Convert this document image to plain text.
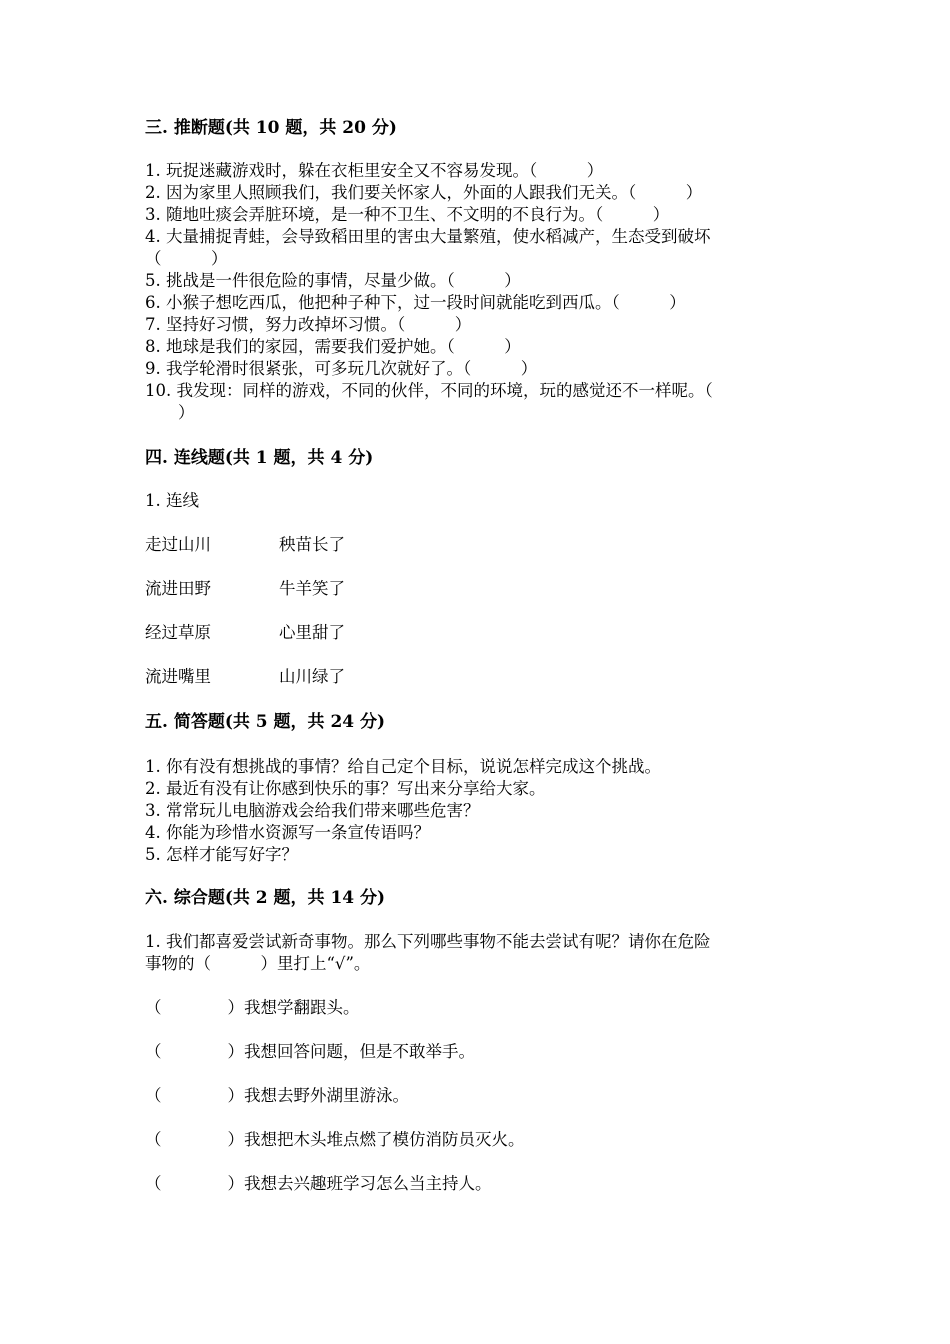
三. 推断题(共 10 题，共 20 分)
1. 玩捉迷藏游戏时，躲在衣柜里安全又不容易发现。（　　　）
2. 因为家里人照顾我们，我们要关怀家人，外面的人跟我们无关。（　　　）
3. 随地吐痰会弄脏环境，是一种不卫生、不文明的不良行为。（　　　）
4. 大量捕捉青蛙，会导致稻田里的害虫大量繁殖，使水稻减产，生态受到破坏
（　　　）
5. 挑战是一件很危险的事情，尽量少做。（　　　）
6. 小猴子想吃西瓜，他把种子种下，过一段时间就能吃到西瓜。（　　　）
7. 坚持好习惯，努力改掉坏习惯。（　　　）
8. 地球是我们的家园，需要我们爱护她。（　　　）
9. 我学轮滑时很紧张，可多玩几次就好了。（　　　）
10. 我发现：同样的游戏，不同的伙伴，不同的环境，玩的感觉还不一样呢。（
　　）
四. 连线题(共 1 题，共 4 分)
1. 连线
走过山川	秧苗长了
流进田野	牛羊笑了
经过草原	心里甜了
流进嘴里	山川绿了
五. 简答题(共 5 题，共 24 分)
1. 你有没有想挑战的事情？给自己定个目标，说说怎样完成这个挑战。
2. 最近有没有让你感到快乐的事？写出来分享给大家。
3. 常常玩儿电脑游戏会给我们带来哪些危害？
4. 你能为珍惜水资源写一条宣传语吗？
5. 怎样才能写好字？
六. 综合题(共 2 题，共 14 分)
1. 我们都喜爱尝试新奇事物。那么下列哪些事物不能去尝试有呢？请你在危险
事物的（　　　）里打上“√”。
（　　　　）我想学翻跟头。
（　　　　）我想回答问题，但是不敢举手。
（　　　　）我想去野外湖里游泳。
（　　　　）我想把木头堆点燃了模仿消防员灭火。
（　　　　）我想去兴趣班学习怎么当主持人。
